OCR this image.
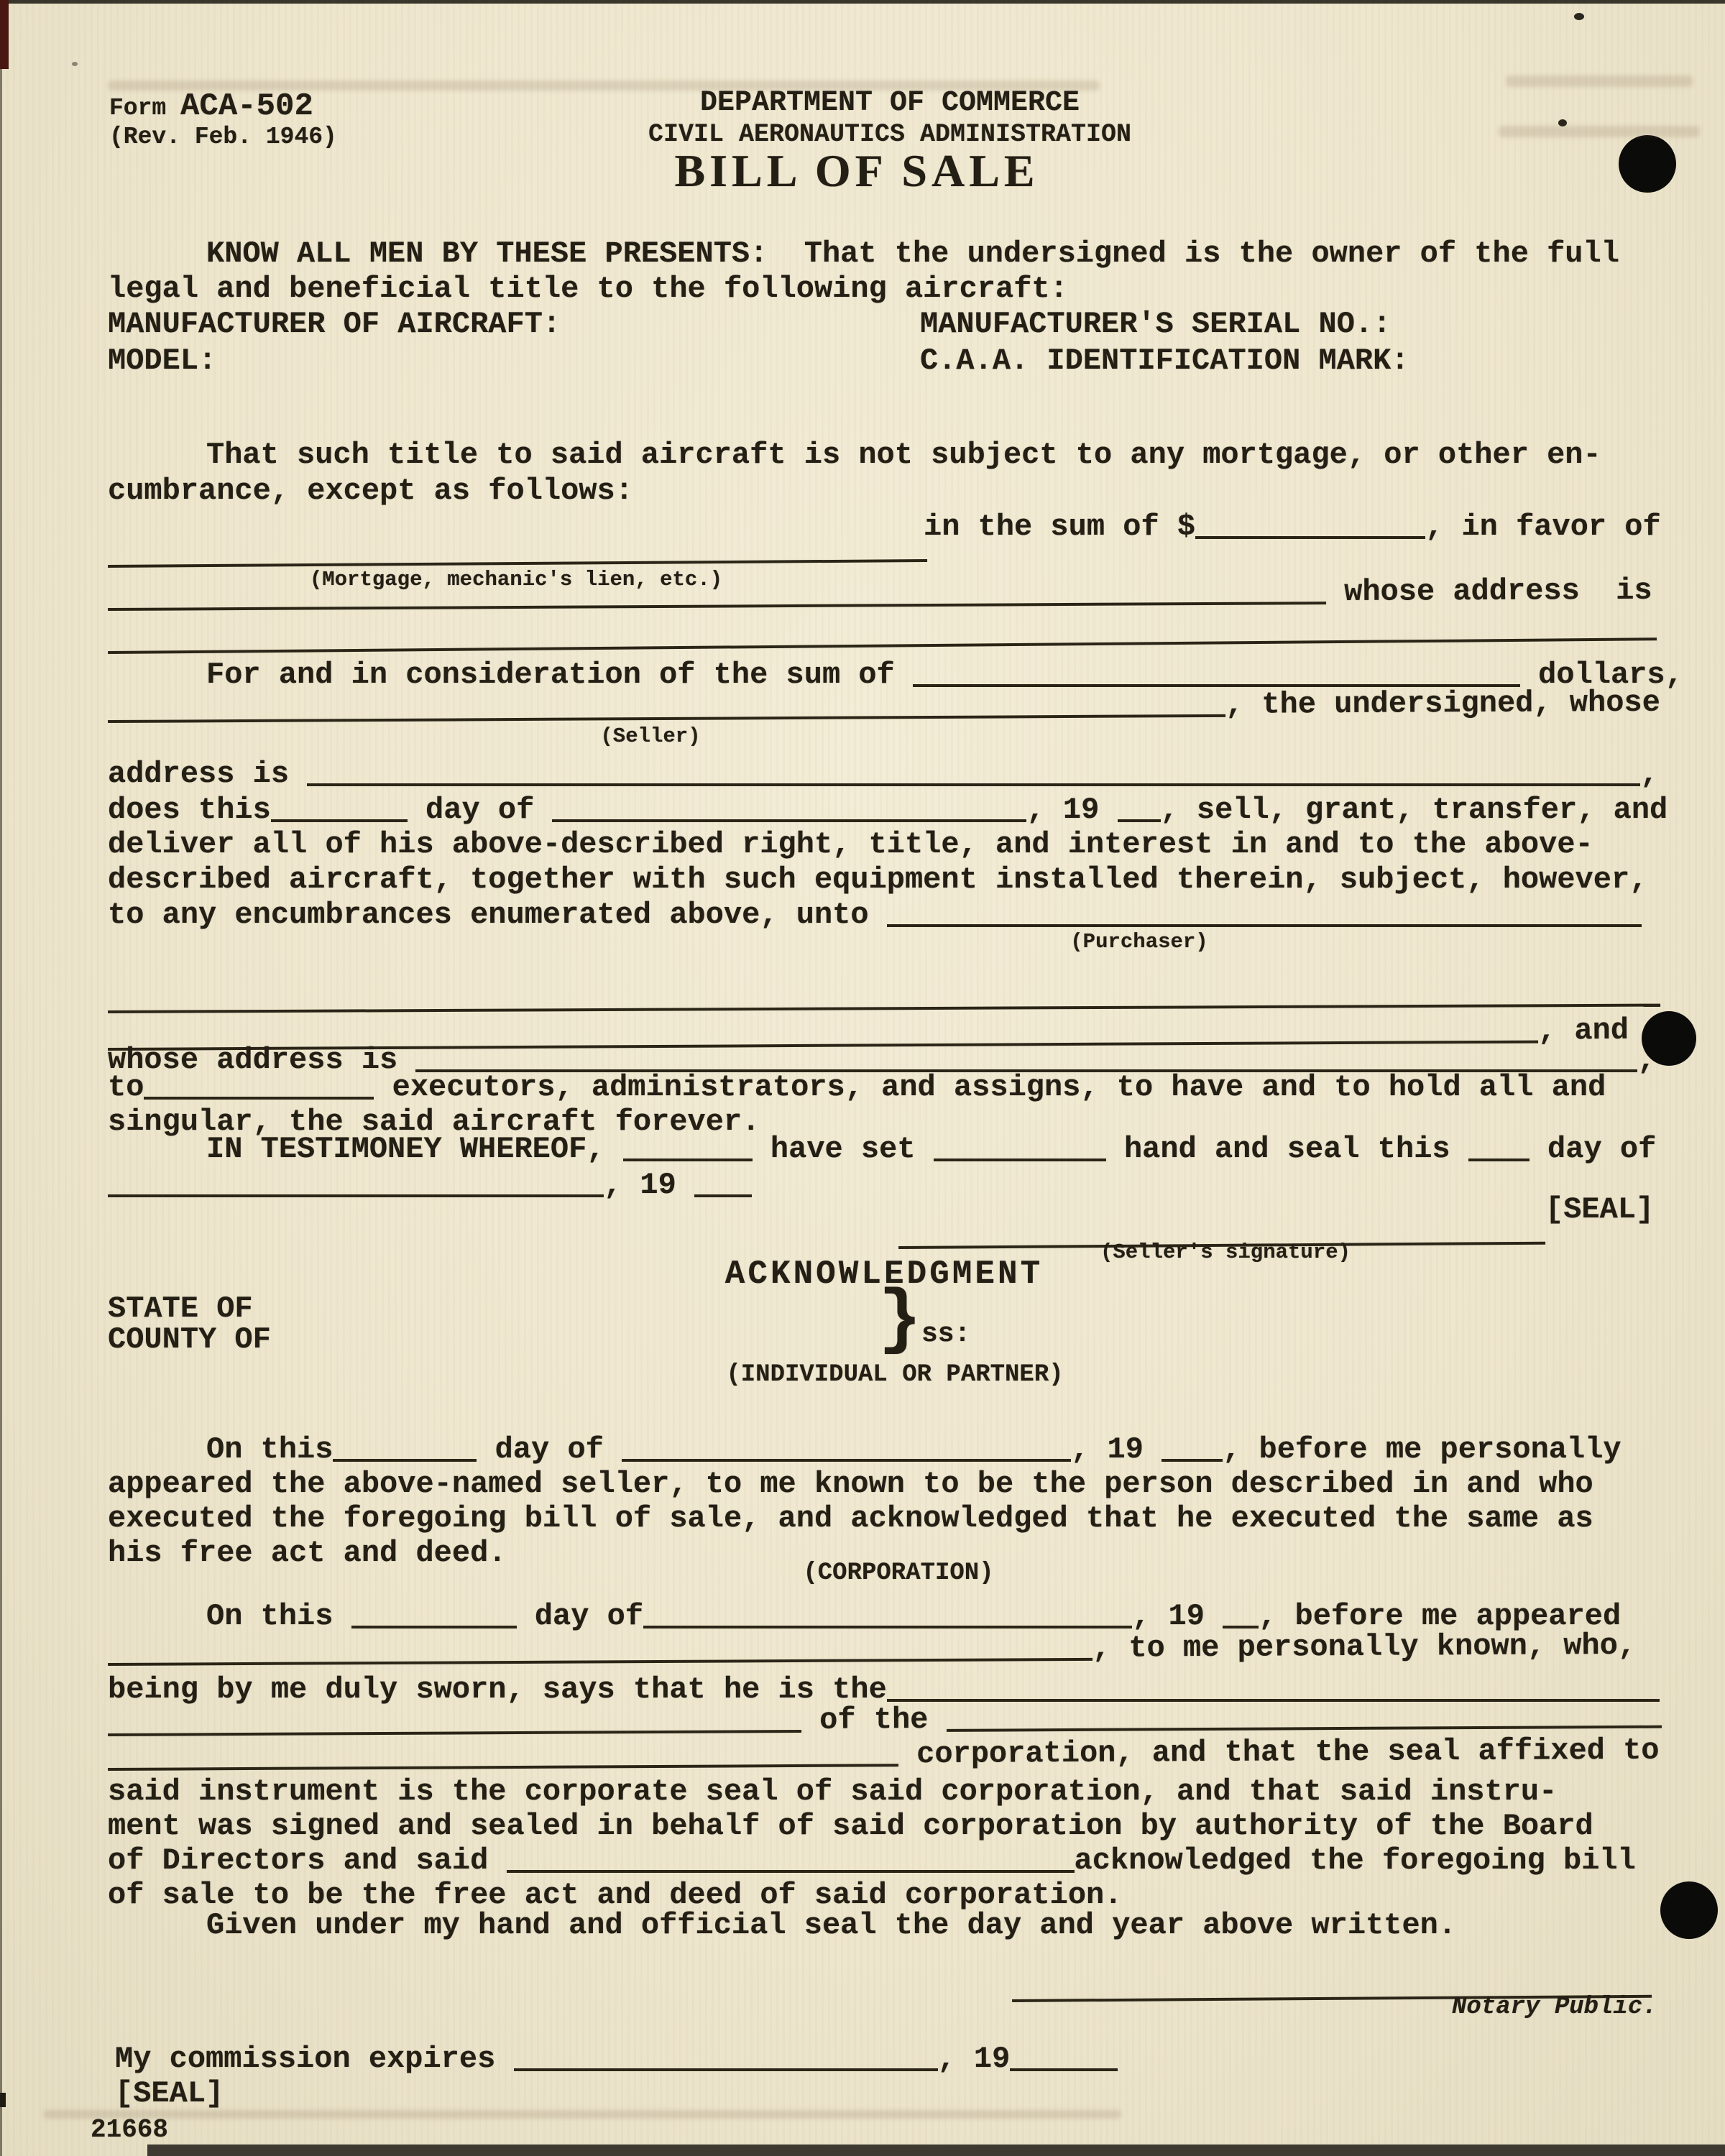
Form ACA-502
(Rev. Feb. 1946)
DEPARTMENT OF COMMERCE
CIVIL AERONAUTICS ADMINISTRATION
BILL OF SALE
KNOW ALL MEN BY THESE PRESENTS:  That the undersigned is the owner of the full
legal and beneficial title to the following aircraft:
MANUFACTURER OF AIRCRAFT:	MANUFACTURER'S SERIAL NO.:
MODEL:	C.A.A. IDENTIFICATION MARK:
That such title to said aircraft is not subject to any mortgage, or other en-
cumbrance, except as follows:
in the sum of $	, in favor of
(Mortgage, mechanic's lien, etc.)	whose address  is
For and in consideration of the sum of	dollars,
, the undersigned, whose
(Seller)
address is	,
does this	day of	, 19 , sell, grant, transfer, and
deliver all of his above-described right, title, and interest in and to the above-
described aircraft, together with such equipment installed therein, subject, however,
to any encumbrances enumerated above, unto
(Purchaser)
, and
whose address is	,
to	executors, administrators, and assigns, to have and to hold all and
singular, the said aircraft forever.
IN TESTIMONEY WHEREOF,	have set	hand and seal this  day of
, 19
[SEAL]
(Seller's signature)
ACKNOWLEDGMENT
STATE OF
COUNTY OF	} ss:
(INDIVIDUAL OR PARTNER)
On this	day of	, 19 , before me personally
appeared the above-named seller, to me known to be the person described in and who
executed the foregoing bill of sale, and acknowledged that he executed the same as
his free act and deed.
(CORPORATION)
On this	day of	, 19 , before me appeared
, to me personally known, who,
being by me duly sworn, says that he is the
of the
corporation, and that the seal affixed to
said instrument is the corporate seal of said corporation, and that said instru-
ment was signed and sealed in behalf of said corporation by authority of the Board
of Directors and said	acknowledged the foregoing bill
of sale to be the free act and deed of said corporation.
Given under my hand and official seal the day and year above written.
Notary Public.
My commission expires	, 19
[SEAL]
21668
